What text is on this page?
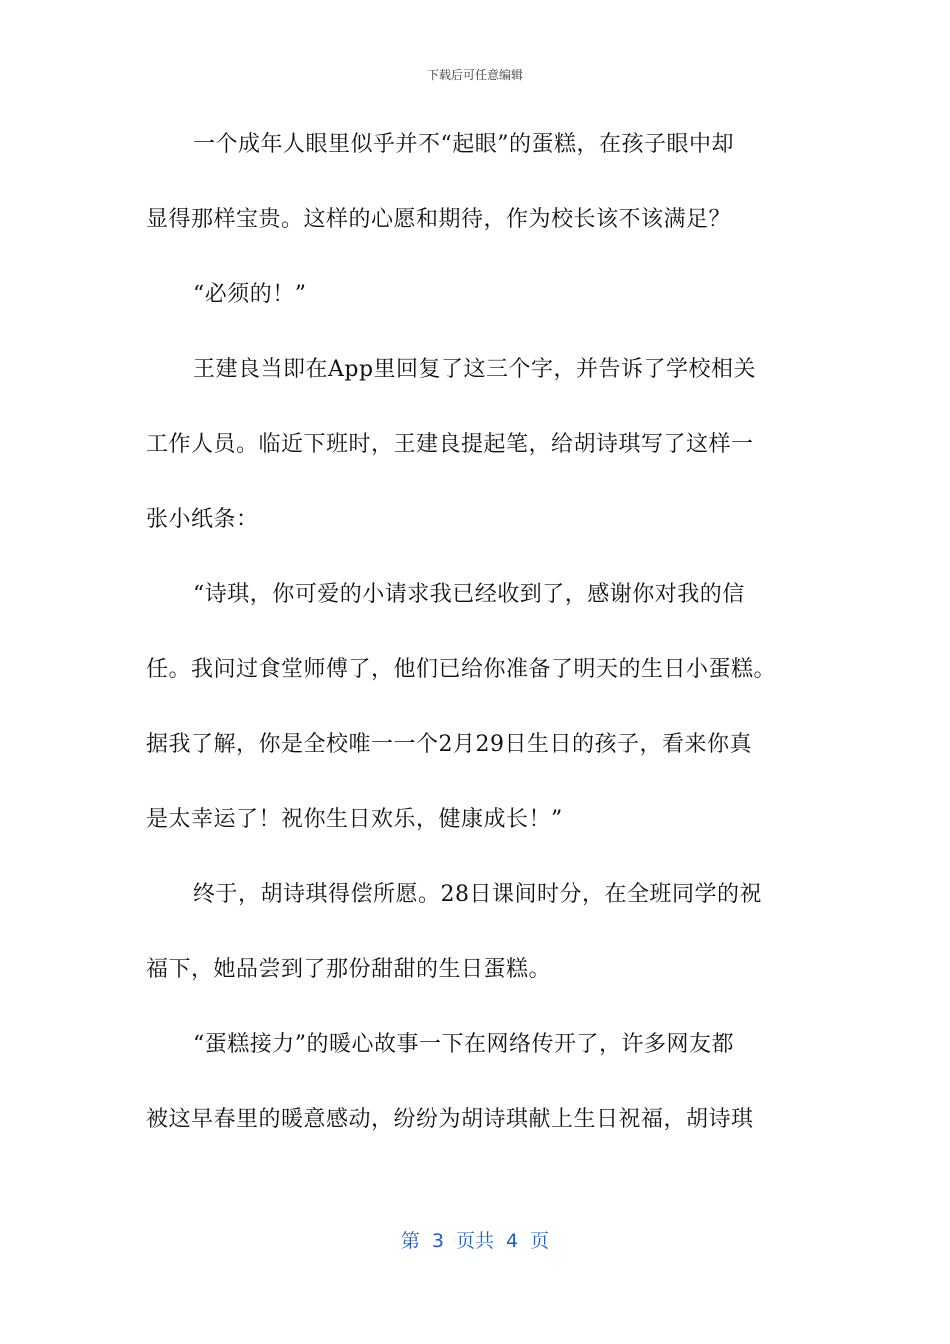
下载后可任意编辑
一个成年人眼里似乎并不“起眼”的蛋糕，在孩子眼中却
显得那样宝贵。这样的心愿和期待，作为校长该不该满足？
“必须的！”
王建良当即在App里回复了这三个字，并告诉了学校相关
工作人员。临近下班时，王建良提起笔，给胡诗琪写了这样一
张小纸条：
“诗琪，你可爱的小请求我已经收到了，感谢你对我的信
任。我问过食堂师傅了，他们已给你准备了明天的生日小蛋糕。
据我了解，你是全校唯一一个2月29日生日的孩子，看来你真
是太幸运了！祝你生日欢乐，健康成长！”
终于，胡诗琪得偿所愿。28日课间时分，在全班同学的祝
福下，她品尝到了那份甜甜的生日蛋糕。
“蛋糕接力”的暖心故事一下在网络传开了，许多网友都
被这早春里的暖意感动，纷纷为胡诗琪献上生日祝福，胡诗琪
第 3 页共 4 页
